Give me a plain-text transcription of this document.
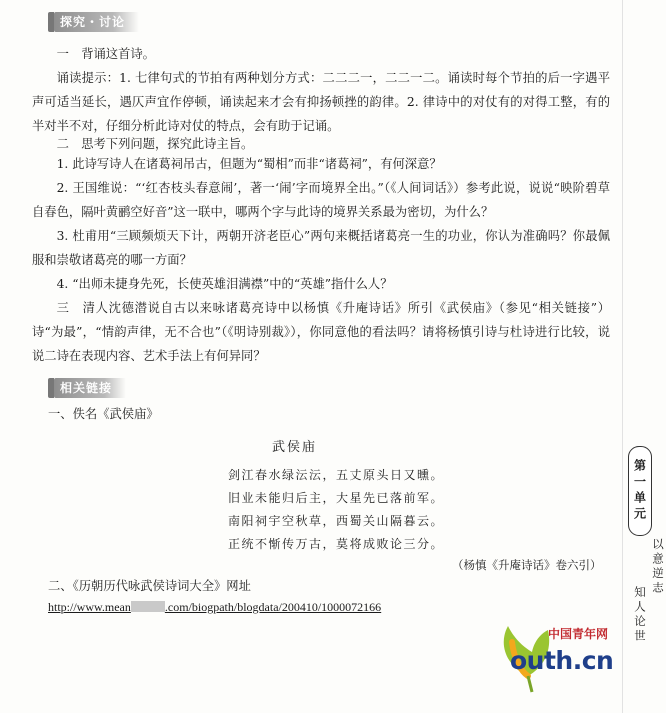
探究・讨论
一　背诵这首诗。

诵读提示：1. 七律句式的节拍有两种划分方式：二二二一，二二一二。诵读时每个节拍的后一字遇平声可适当延长，遇仄声宜作停顿，诵读起来才会有抑扬顿挫的韵律。2. 律诗中的对仗有的对得工整，有的半对半不对，仔细分析此诗对仗的特点，会有助于记诵。

二　思考下列问题，探究此诗主旨。

1. 此诗写诗人在诸葛祠吊古，但题为“蜀相”而非“诸葛祠”，有何深意？

2. 王国维说：“‘红杏枝头春意闹’，著一‘闹’字而境界全出。”（《人间词话》）参考此说，说说“映阶碧草自春色，隔叶黄鹂空好音”这一联中，哪两个字与此诗的境界关系最为密切，为什么？

3. 杜甫用“三顾频烦天下计，两朝开济老臣心”两句来概括诸葛亮一生的功业，你认为准确吗？你最佩服和崇敬诸葛亮的哪一方面？

4. “出师未捷身先死，长使英雄泪满襟”中的“英雄”指什么人？

三　清人沈德潜说自古以来咏诸葛亮诗中以杨慎《升庵诗话》所引《武侯庙》（参见“相关链接”）诗“为最”，“情韵声律，无不合也”（《明诗别裁》），你同意他的看法吗？请将杨慎引诗与杜诗进行比较，说说二诗在表现内容、艺术手法上有何异同？

相关链接
一、佚名《武侯庙》
武侯庙
剑江春水绿沄沄，五丈原头日又曛。
旧业未能归后主，大星先已落前军。
南阳祠宇空秋草，西蜀关山隔暮云。
正统不惭传万古，莫将成败论三分。
（杨慎《升庵诗话》卷六引）
二、《历朝历代咏武侯诗词大全》网址
http://www.mean	.com/biogpath/blogdata/200410/1000072166
第一单元
以意逆志
知人论世
中国青年网
outh.cn
